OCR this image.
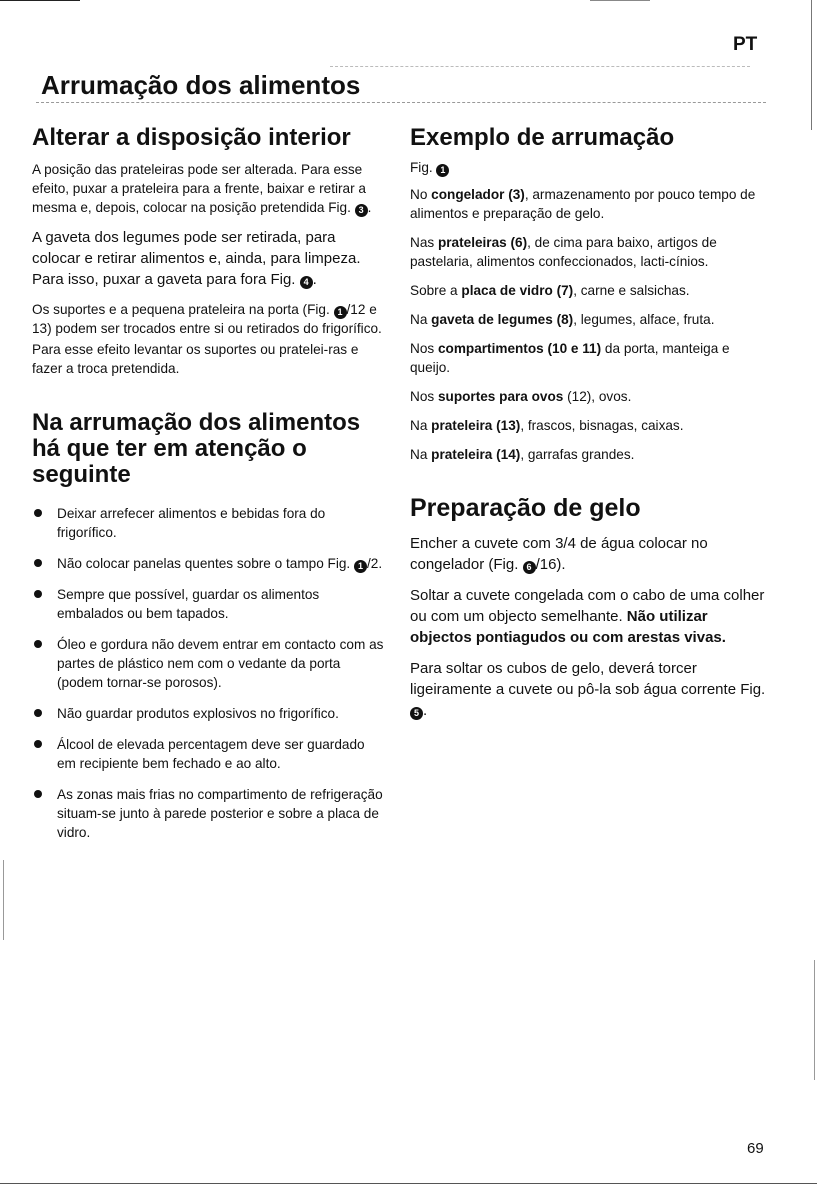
PT
Arrumação dos alimentos
Alterar a disposição interior

A posição das prateleiras pode ser alterada. Para esse efeito, puxar a prateleira para a frente, baixar e retirar a mesma e, depois, colocar na posição pretendida Fig. 3 .

A gaveta dos legumes pode ser retirada, para colocar e retirar alimentos e, ainda, para limpeza. Para isso, puxar a gaveta para fora Fig. 4 .

Os suportes e a pequena prateleira na porta (Fig. 1 /12 e 13) podem ser trocados entre si ou retirados do frigorífico.

Para esse efeito levantar os suportes ou pratelei-ras e fazer a troca pretendida.

Na arrumação dos alimentos há que ter em atenção o seguinte
Deixar arrefecer alimentos e bebidas fora do frigorífico.
Não colocar panelas quentes sobre o tampo Fig. 1 /2.
Sempre que possível, guardar os alimentos embalados ou bem tapados.
Óleo e gordura não devem entrar em contacto com as partes de plástico nem com o vedante da porta (podem tornar-se porosos).
Não guardar produtos explosivos no frigorífico.
Álcool de elevada percentagem deve ser guardado em recipiente bem fechado e ao alto.
As zonas mais frias no compartimento de refrigeração situam-se junto à parede posterior e sobre a placa de vidro.
Exemplo de arrumação

Fig. 1

No congelador (3), armazenamento por pouco tempo de alimentos e preparação de gelo.

Nas prateleiras (6), de cima para baixo, artigos de pastelaria, alimentos confeccionados, lacti-cínios.

Sobre a placa de vidro (7), carne e salsichas.

Na gaveta de legumes (8), legumes, alface, fruta.

Nos compartimentos (10 e 11) da porta, manteiga e queijo.

Nos suportes para ovos (12), ovos.

Na prateleira (13), frascos, bisnagas, caixas.

Na prateleira (14), garrafas grandes.

Preparação de gelo

Encher a cuvete com 3/4 de água colocar no congelador (Fig. 6 /16).

Soltar a cuvete congelada com o cabo de uma colher ou com um objecto semelhante. Não utilizar objectos pontiagudos ou com arestas vivas.

Para soltar os cubos de gelo, deverá torcer ligeiramente a cuvete ou pô-la sob água corrente Fig. 5 .

69
